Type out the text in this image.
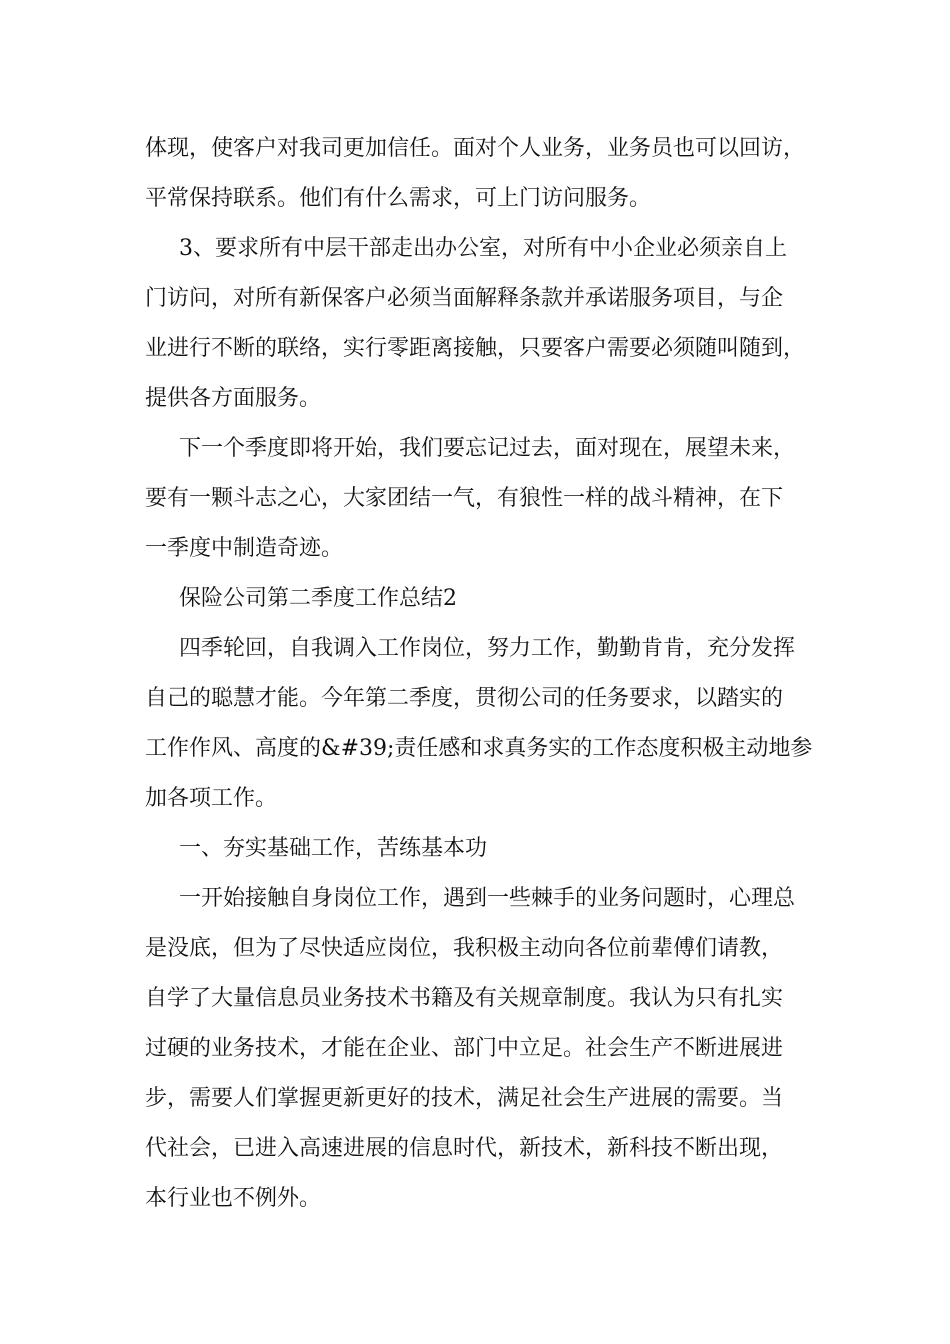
体现，使客户对我司更加信任。面对个人业务，业务员也可以回访，
平常保持联系。他们有什么需求，可上门访问服务。
3、要求所有中层干部走出办公室，对所有中小企业必须亲自上
门访问，对所有新保客户必须当面解释条款并承诺服务项目，与企
业进行不断的联络，实行零距离接触，只要客户需要必须随叫随到，
提供各方面服务。
下一个季度即将开始，我们要忘记过去，面对现在，展望未来，
要有一颗斗志之心，大家团结一气，有狼性一样的战斗精神，在下
一季度中制造奇迹。
保险公司第二季度工作总结2
四季轮回，自我调入工作岗位，努力工作，勤勤肯肯，充分发挥
自己的聪慧才能。今年第二季度，贯彻公司的任务要求，以踏实的
工作作风、高度的&#39;责任感和求真务实的工作态度积极主动地参
加各项工作。
一、夯实基础工作，苦练基本功
一开始接触自身岗位工作，遇到一些棘手的业务问题时，心理总
是没底，但为了尽快适应岗位，我积极主动向各位前辈傅们请教，
自学了大量信息员业务技术书籍及有关规章制度。我认为只有扎实
过硬的业务技术，才能在企业、部门中立足。社会生产不断进展进
步，需要人们掌握更新更好的技术，满足社会生产进展的需要。当
代社会，已进入高速进展的信息时代，新技术，新科技不断出现，
本行业也不例外。
